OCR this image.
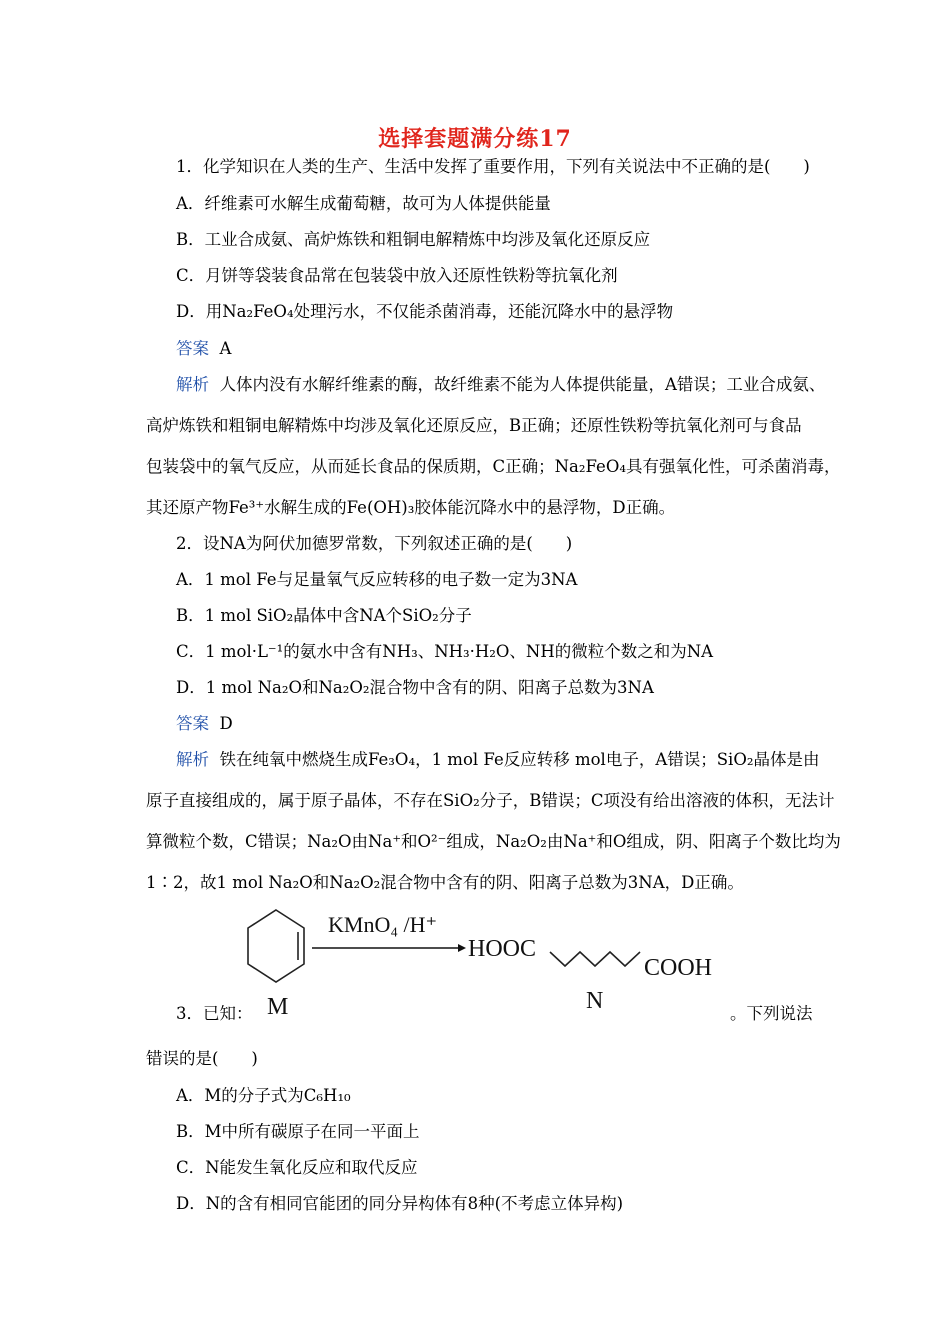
选择套题满分练17
1．化学知识在人类的生产、生活中发挥了重要作用，下列有关说法中不正确的是(　　)
A．纤维素可水解生成葡萄糖，故可为人体提供能量
B．工业合成氨、高炉炼铁和粗铜电解精炼中均涉及氧化还原反应
C．月饼等袋装食品常在包装袋中放入还原性铁粉等抗氧化剂
D．用Na₂FeO₄处理污水，不仅能杀菌消毒，还能沉降水中的悬浮物
答案 A
解析 人体内没有水解纤维素的酶，故纤维素不能为人体提供能量，A错误；工业合成氨、
高炉炼铁和粗铜电解精炼中均涉及氧化还原反应，B正确；还原性铁粉等抗氧化剂可与食品
包装袋中的氧气反应，从而延长食品的保质期，C正确；Na₂FeO₄具有强氧化性，可杀菌消毒，
其还原产物Fe³⁺水解生成的Fe(OH)₃胶体能沉降水中的悬浮物，D正确。
2．设NA为阿伏加德罗常数，下列叙述正确的是(　　)
A．1 mol Fe与足量氧气反应转移的电子数一定为3NA
B．1 mol SiO₂晶体中含NA个SiO₂分子
C．1 mol·L⁻¹的氨水中含有NH₃、NH₃·H₂O、NH的微粒个数之和为NA
D．1 mol Na₂O和Na₂O₂混合物中含有的阴、阳离子总数为3NA
答案 D
解析 铁在纯氧中燃烧生成Fe₃O₄，1 mol Fe反应转移 mol电子，A错误；SiO₂晶体是由
原子直接组成的，属于原子晶体，不存在SiO₂分子，B错误；C项没有给出溶液的体积，无法计
算微粒个数，C错误；Na₂O由Na⁺和O²⁻组成，Na₂O₂由Na⁺和O组成，阴、阳离子个数比均为
1∶2，故1 mol Na₂O和Na₂O₂混合物中含有的阴、阳离子总数为3NA，D正确。
M
KMnO₄ /H⁺
HOOC
COOH
N
3．已知：	。下列说法
错误的是(　　)
A．M的分子式为C₆H₁₀
B．M中所有碳原子在同一平面上
C．N能发生氧化反应和取代反应
D．N的含有相同官能团的同分异构体有8种(不考虑立体异构)
